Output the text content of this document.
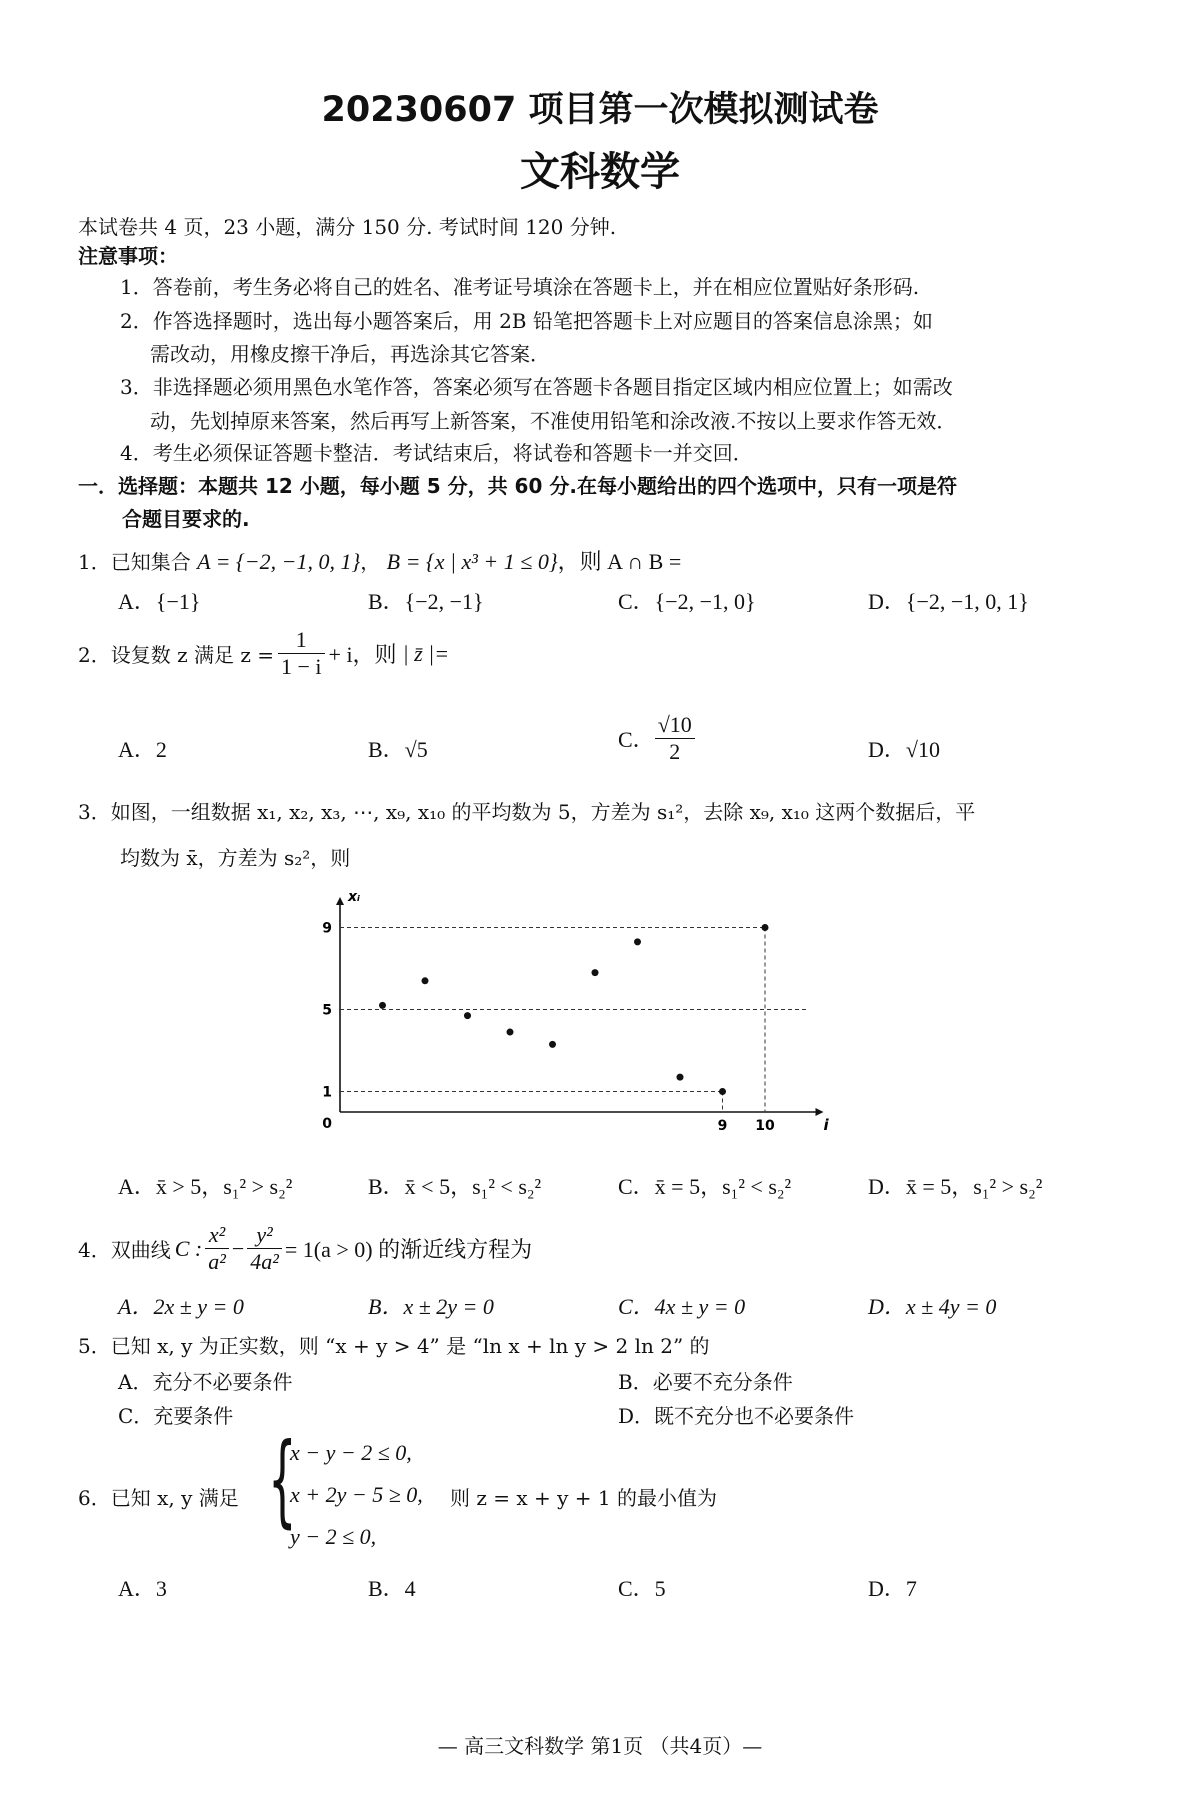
20230607 项目第一次模拟测试卷
文科数学
本试卷共 4 页，23 小题，满分 150 分. 考试时间 120 分钟.
注意事项：
1．答卷前，考生务必将自己的姓名、准考证号填涂在答题卡上，并在相应位置贴好条形码.
2．作答选择题时，选出每小题答案后，用 2B 铅笔把答题卡上对应题目的答案信息涂黑；如
需改动，用橡皮擦干净后，再选涂其它答案．
3．非选择题必须用黑色水笔作答，答案必须写在答题卡各题目指定区域内相应位置上；如需改
动，先划掉原来答案，然后再写上新答案，不准使用铅笔和涂改液.不按以上要求作答无效．
4．考生必须保证答题卡整洁．考试结束后，将试卷和答题卡一并交回．
一．选择题：本题共 12 小题，每小题 5 分，共 60 分.在每小题给出的四个选项中，只有一项是符
合题目要求的.
1．已知集合 A = {−2, −1, 0, 1}， B = {x | x³ + 1 ≤ 0}，则 A ∩ B =
A．{−1}	B．{−2, −1}	C．{−2, −1, 0}	D．{−2, −1, 0, 1}
2．设复数 z 满足 $z = \frac{1}{1 - i} + i$，则 | z̄ |=
A．2	B．√5	C． $\frac{√10}{2}$	D．√10
3．如图，一组数据 x₁, x₂, x₃, ⋯, x₉, x₁₀ 的平均数为 5，方差为 s₁²，去除 x₉, x₁₀ 这两个数据后，平
均数为 x̄，方差为 s₂²，则
9
5
1
9 10
0
xᵢ
i
A．x̄ > 5，s₁² > s₂²	B．x̄ < 5，s₁² < s₂²	C．x̄ = 5，s₁² < s₂²	D．x̄ = 5，s₁² > s₂²
4．双曲线 C : $\frac{\text{x²}}{\text{a²}} - \frac{\text{y²}}{\text{4a²}} = 1(a > 0)$ 的渐近线方程为
A．2x ± y = 0	B．x ± 2y = 0	C．4x ± y = 0	D．x ± 4y = 0
5．已知 x, y 为正实数，则 “x + y > 4” 是 “ln x + ln y > 2 ln 2” 的
A．充分不必要条件	B．必要不充分条件
C．充要条件	D．既不充分也不必要条件
6．已知 x, y 满足 {
x − y − 2 ≤ 0,
x + 2y − 5 ≥ 0,
y − 2 ≤ 0,
则 z = x + y + 1 的最小值为
A．3	B．4	C．5	D．7
— 高三文科数学 第1页 （共4页）—
